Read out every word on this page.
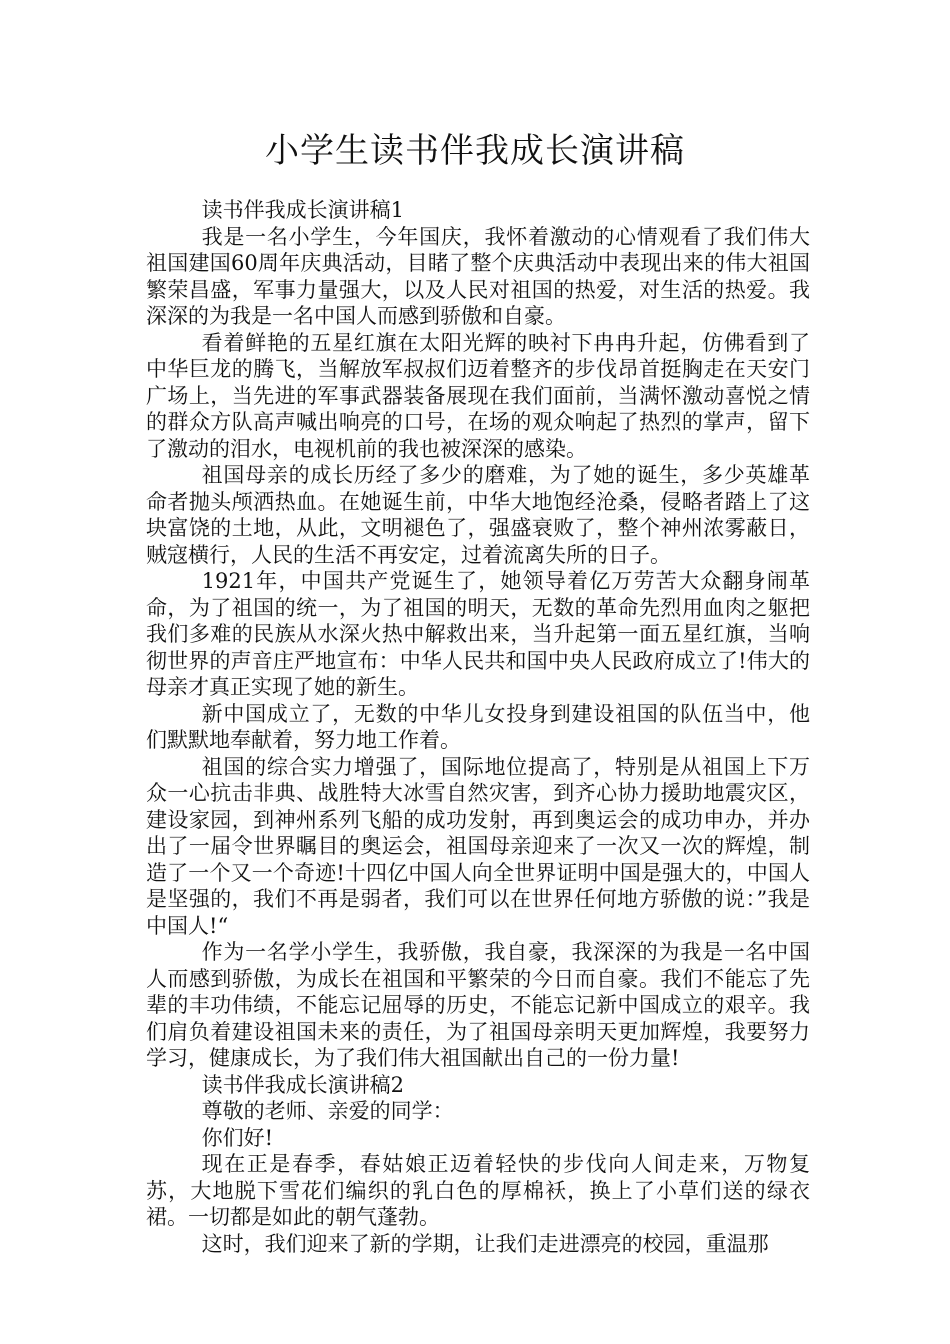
小学生读书伴我成长演讲稿

读书伴我成长演讲稿1

我是一名小学生，今年国庆，我怀着激动的心情观看了我们伟大祖国建国60周年庆典活动，目睹了整个庆典活动中表现出来的伟大祖国繁荣昌盛，军事力量强大，以及人民对祖国的热爱，对生活的热爱。我深深的为我是一名中国人而感到骄傲和自豪。

看着鲜艳的五星红旗在太阳光辉的映衬下冉冉升起，仿佛看到了中华巨龙的腾飞，当解放军叔叔们迈着整齐的步伐昂首挺胸走在天安门广场上，当先进的军事武器装备展现在我们面前，当满怀激动喜悦之情的群众方队高声喊出响亮的口号，在场的观众响起了热烈的掌声，留下了激动的泪水，电视机前的我也被深深的感染。

祖国母亲的成长历经了多少的磨难，为了她的诞生，多少英雄革命者抛头颅洒热血。在她诞生前，中华大地饱经沧桑，侵略者踏上了这块富饶的土地，从此，文明褪色了，强盛衰败了，整个神州浓雾蔽日，贼寇横行，人民的生活不再安定，过着流离失所的日子。

1921年，中国共产党诞生了，她领导着亿万劳苦大众翻身闹革命，为了祖国的统一，为了祖国的明天，无数的革命先烈用血肉之躯把我们多难的民族从水深火热中解救出来，当升起第一面五星红旗，当响彻世界的声音庄严地宣布：中华人民共和国中央人民政府成立了!伟大的母亲才真正实现了她的新生。

新中国成立了，无数的中华儿女投身到建设祖国的队伍当中，他们默默地奉献着，努力地工作着。

祖国的综合实力增强了，国际地位提高了，特别是从祖国上下万众一心抗击非典、战胜特大冰雪自然灾害，到齐心协力援助地震灾区，建设家园，到神州系列飞船的成功发射，再到奥运会的成功申办，并办出了一届令世界瞩目的奥运会，祖国母亲迎来了一次又一次的辉煌，制造了一个又一个奇迹!十四亿中国人向全世界证明中国是强大的，中国人是坚强的，我们不再是弱者，我们可以在世界任何地方骄傲的说：”我是中国人!“

作为一名学小学生，我骄傲，我自豪，我深深的为我是一名中国人而感到骄傲，为成长在祖国和平繁荣的今日而自豪。我们不能忘了先辈的丰功伟绩，不能忘记屈辱的历史，不能忘记新中国成立的艰辛。我们肩负着建设祖国未来的责任，为了祖国母亲明天更加辉煌，我要努力学习，健康成长，为了我们伟大祖国献出自己的一份力量!

读书伴我成长演讲稿2

尊敬的老师、亲爱的同学：

你们好!

现在正是春季，春姑娘正迈着轻快的步伐向人间走来，万物复苏，大地脱下雪花们编织的乳白色的厚棉袄，换上了小草们送的绿衣裙。一切都是如此的朝气蓬勃。

这时，我们迎来了新的学期，让我们走进漂亮的校园，重温那
